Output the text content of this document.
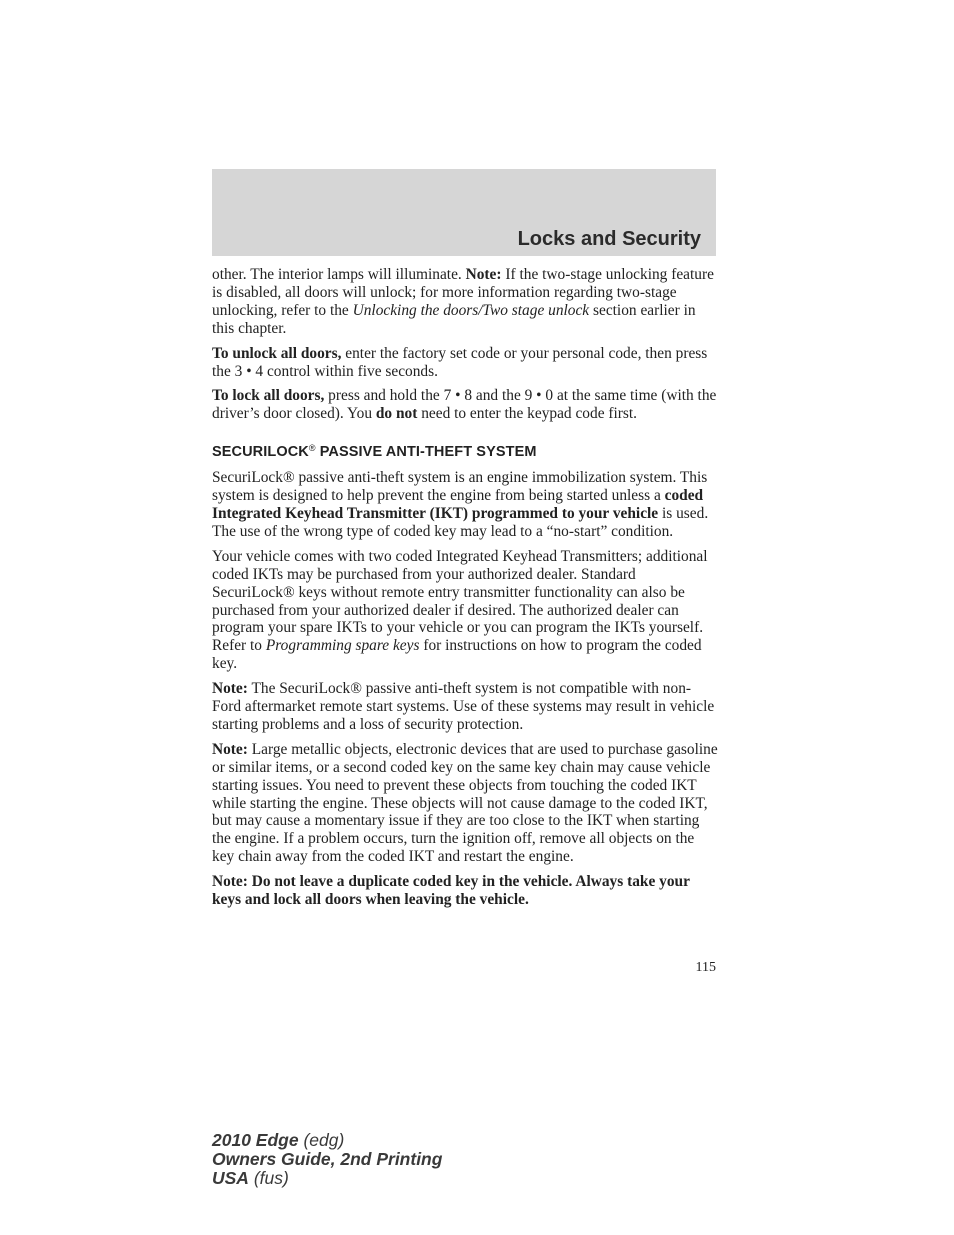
Locks and Security

other. The interior lamps will illuminate. Note: If the two-stage unlocking feature is disabled, all doors will unlock; for more information regarding two-stage unlocking, refer to the Unlocking the doors/Two stage unlock section earlier in this chapter.

To unlock all doors, enter the factory set code or your personal code, then press the 3 • 4 control within five seconds.

To lock all doors, press and hold the 7 • 8 and the 9 • 0 at the same time (with the driver’s door closed). You do not need to enter the keypad code first.

SECURILOCK® PASSIVE ANTI-THEFT SYSTEM

SecuriLock® passive anti-theft system is an engine immobilization system. This system is designed to help prevent the engine from being started unless a coded Integrated Keyhead Transmitter (IKT) programmed to your vehicle is used. The use of the wrong type of coded key may lead to a “no-start” condition.

Your vehicle comes with two coded Integrated Keyhead Transmitters; additional coded IKTs may be purchased from your authorized dealer. Standard SecuriLock® keys without remote entry transmitter functionality can also be purchased from your authorized dealer if desired. The authorized dealer can program your spare IKTs to your vehicle or you can program the IKTs yourself. Refer to Programming spare keys for instructions on how to program the coded key.

Note: The SecuriLock® passive anti-theft system is not compatible with non-Ford aftermarket remote start systems. Use of these systems may result in vehicle starting problems and a loss of security protection.

Note: Large metallic objects, electronic devices that are used to purchase gasoline or similar items, or a second coded key on the same key chain may cause vehicle starting issues. You need to prevent these objects from touching the coded IKT while starting the engine. These objects will not cause damage to the coded IKT, but may cause a momentary issue if they are too close to the IKT when starting the engine. If a problem occurs, turn the ignition off, remove all objects on the key chain away from the coded IKT and restart the engine.

Note: Do not leave a duplicate coded key in the vehicle. Always take your keys and lock all doors when leaving the vehicle.

115
2010 Edge (edg)
Owners Guide, 2nd Printing
USA (fus)
